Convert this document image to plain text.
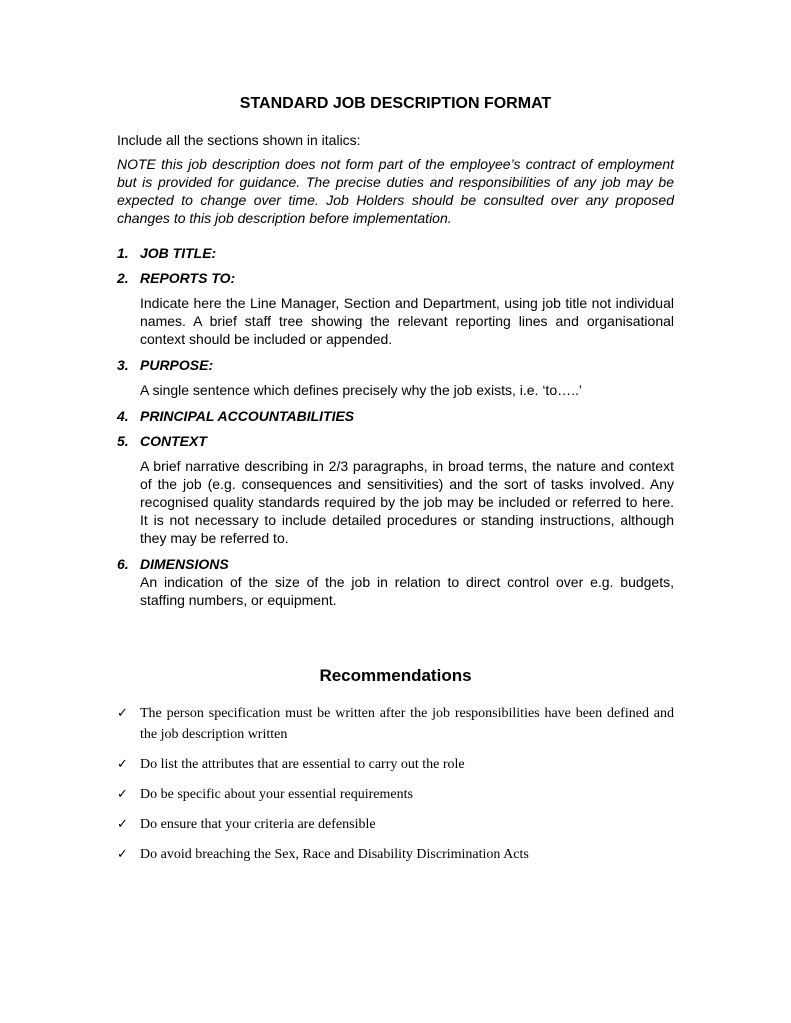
STANDARD JOB DESCRIPTION FORMAT

Include all the sections shown in italics:

NOTE this job description does not form part of the employee’s contract of employment but is provided for guidance. The precise duties and responsibilities of any job may be expected to change over time. Job Holders should be consulted over any proposed changes to this job description before implementation.

1. JOB TITLE:
2. REPORTS TO:

Indicate here the Line Manager, Section and Department, using job title not individual names. A brief staff tree showing the relevant reporting lines and organisational context should be included or appended.

3. PURPOSE:

A single sentence which defines precisely why the job exists, i.e. ‘to…..’

4. PRINCIPAL ACCOUNTABILITIES
5. CONTEXT

A brief narrative describing in 2/3 paragraphs, in broad terms, the nature and context of the job (e.g. consequences and sensitivities) and the sort of tasks involved. Any recognised quality standards required by the job may be included or referred to here. It is not necessary to include detailed procedures or standing instructions, although they may be referred to.

6. DIMENSIONS

An indication of the size of the job in relation to direct control over e.g. budgets, staffing numbers, or equipment.

Recommendations
✓ The person specification must be written after the job responsibilities have been defined and the job description written
✓ Do list the attributes that are essential to carry out the role
✓ Do be specific about your essential requirements
✓ Do ensure that your criteria are defensible
✓ Do avoid breaching the Sex, Race and Disability Discrimination Acts
